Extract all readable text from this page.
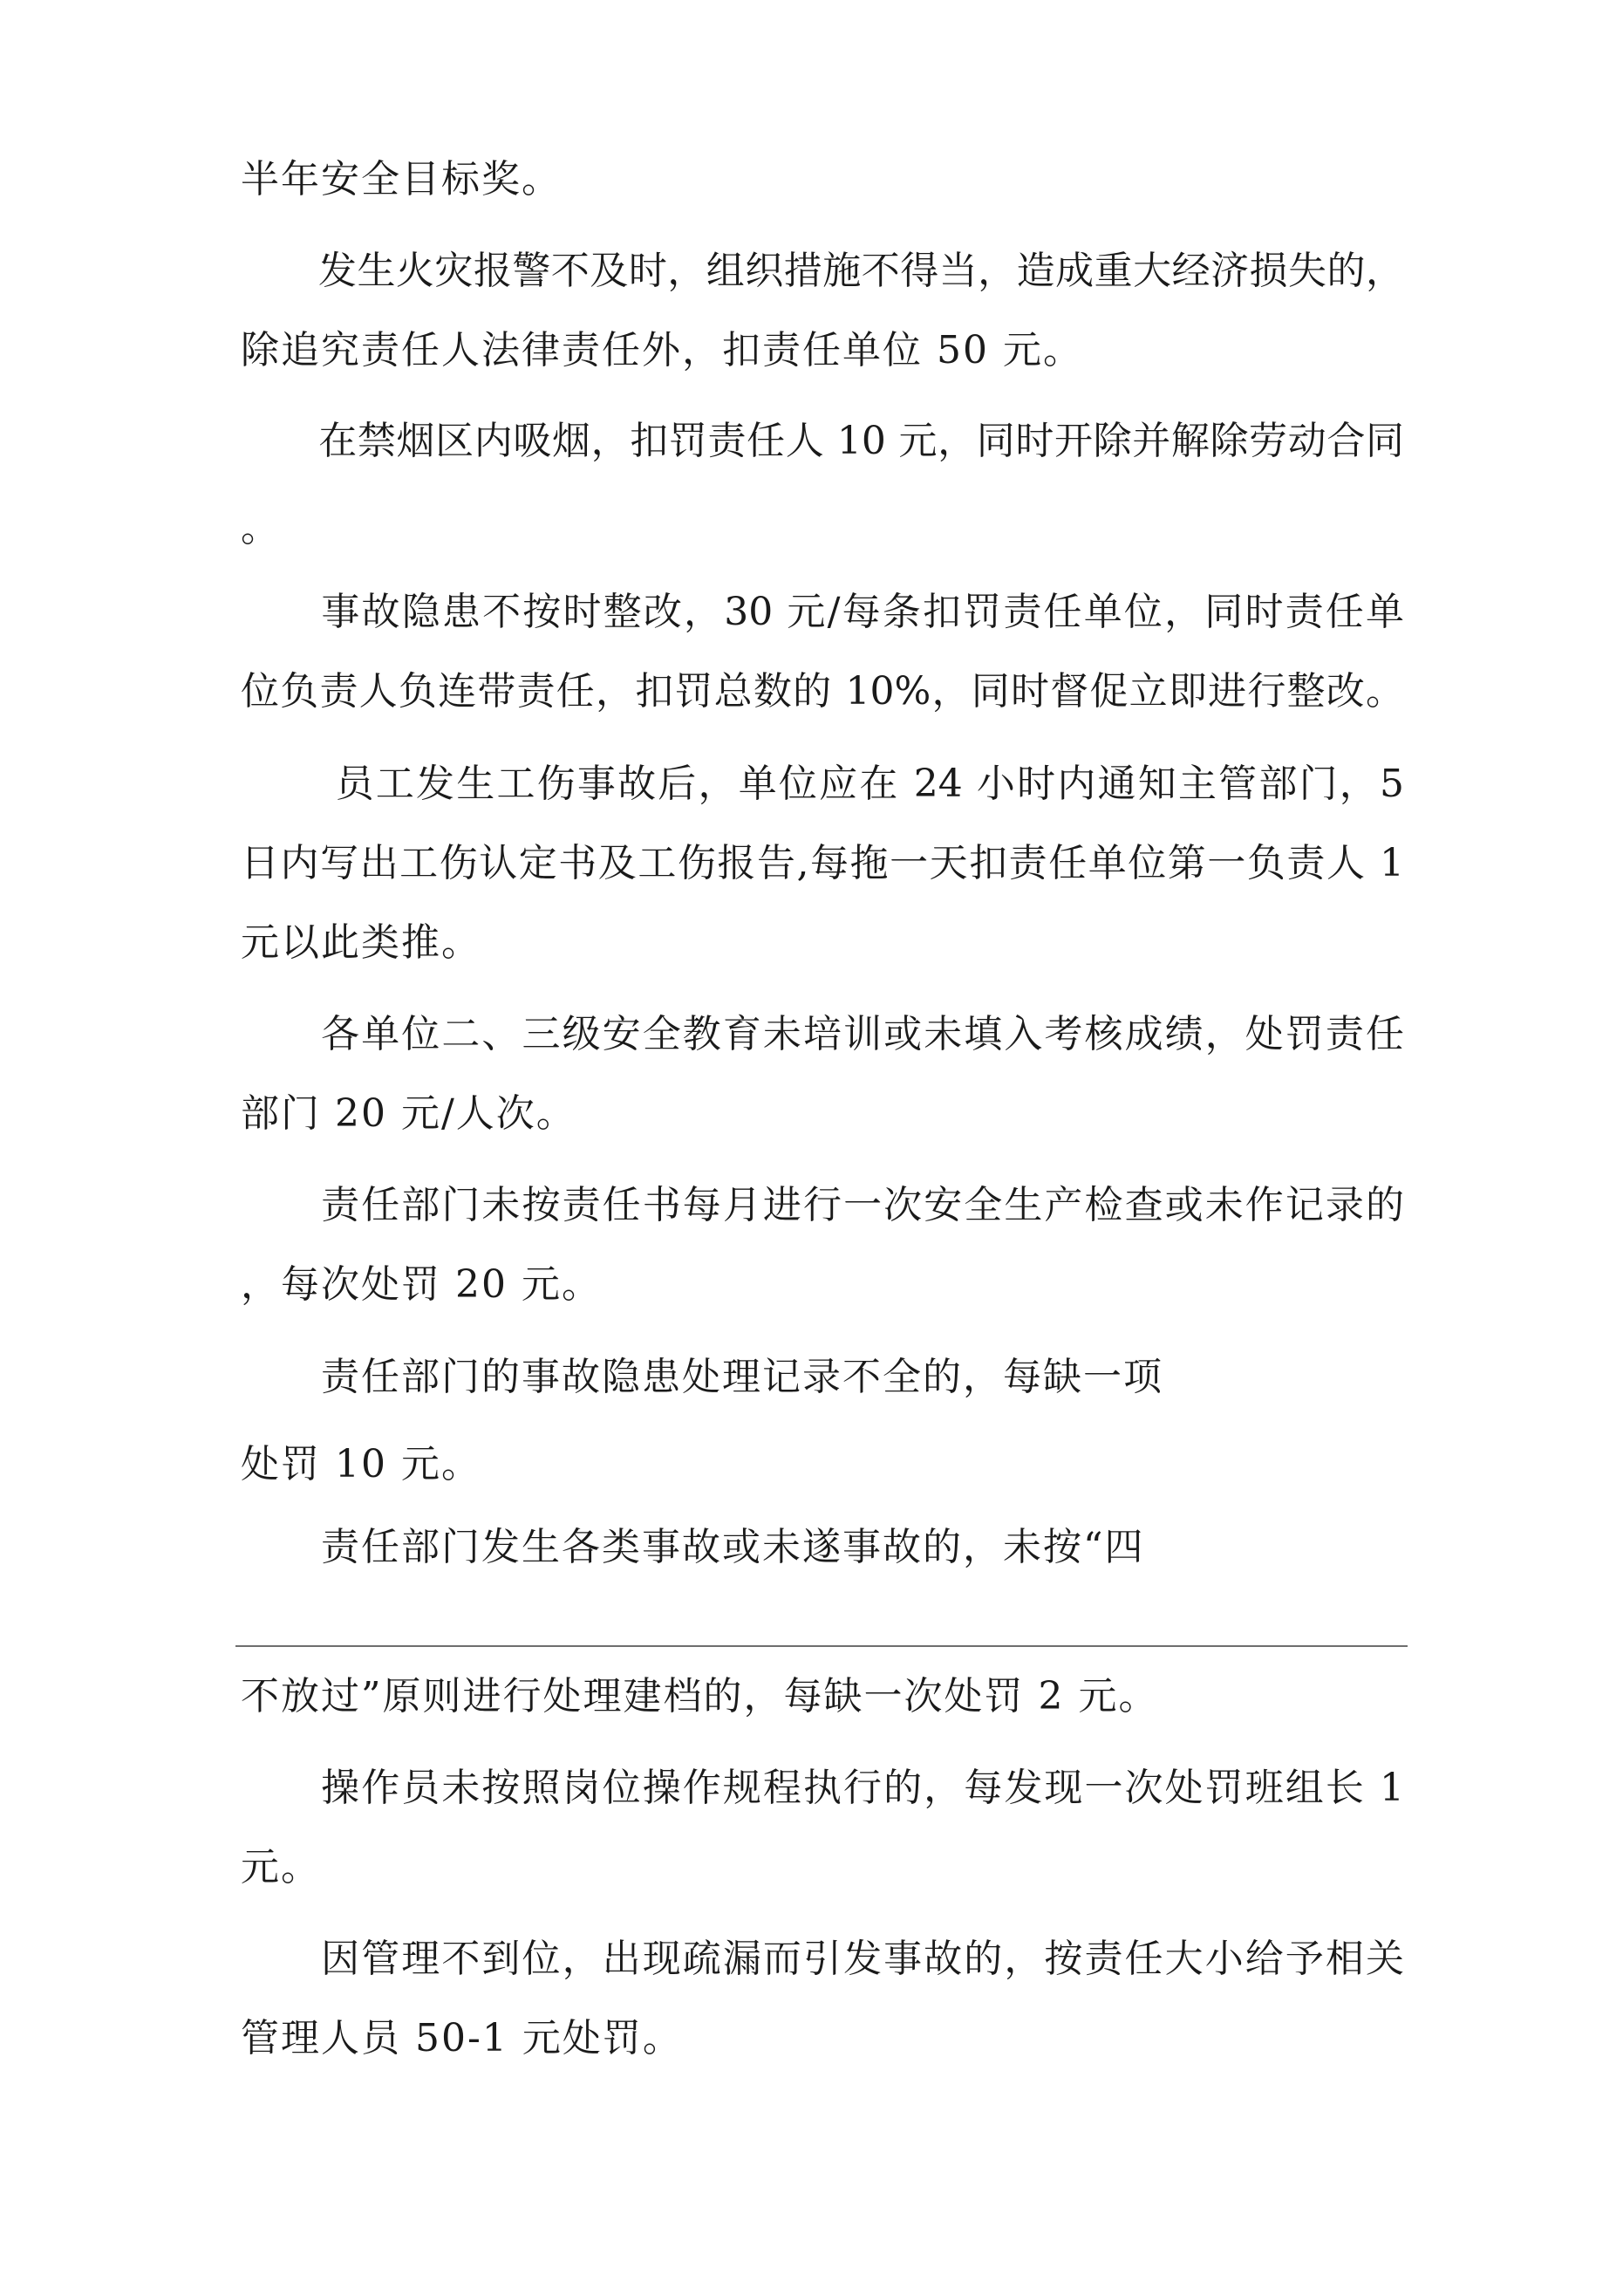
半年安全目标奖。
　　发生火灾报警不及时，组织措施不得当，造成重大经济损失的，
除追究责任人法律责任外，扣责任单位 50 元。
　　在禁烟区内吸烟，扣罚责任人 10 元，同时开除并解除劳动合同
。
　　事故隐患不按时整改，30 元/每条扣罚责任单位，同时责任单
位负责人负连带责任，扣罚总数的 10%，同时督促立即进行整改。
　　 员工发生工伤事故后，单位应在 24 小时内通知主管部门，5
日内写出工伤认定书及工伤报告,每拖一天扣责任单位第一负责人 1
元以此类推。
　　各单位二、三级安全教育未培训或未填入考核成绩，处罚责任
部门 20 元/人次。
　　责任部门未按责任书每月进行一次安全生产检查或未作记录的
，每次处罚 20 元。
　　责任部门的事故隐患处理记录不全的，每缺一项
处罚 10 元。
　　责任部门发生各类事故或未遂事故的，未按“四
不放过”原则进行处理建档的，每缺一次处罚 2 元。
　　操作员未按照岗位操作规程执行的，每发现一次处罚班组长 1
元。
　　因管理不到位，出现疏漏而引发事故的，按责任大小给予相关
管理人员 50-1 元处罚。
